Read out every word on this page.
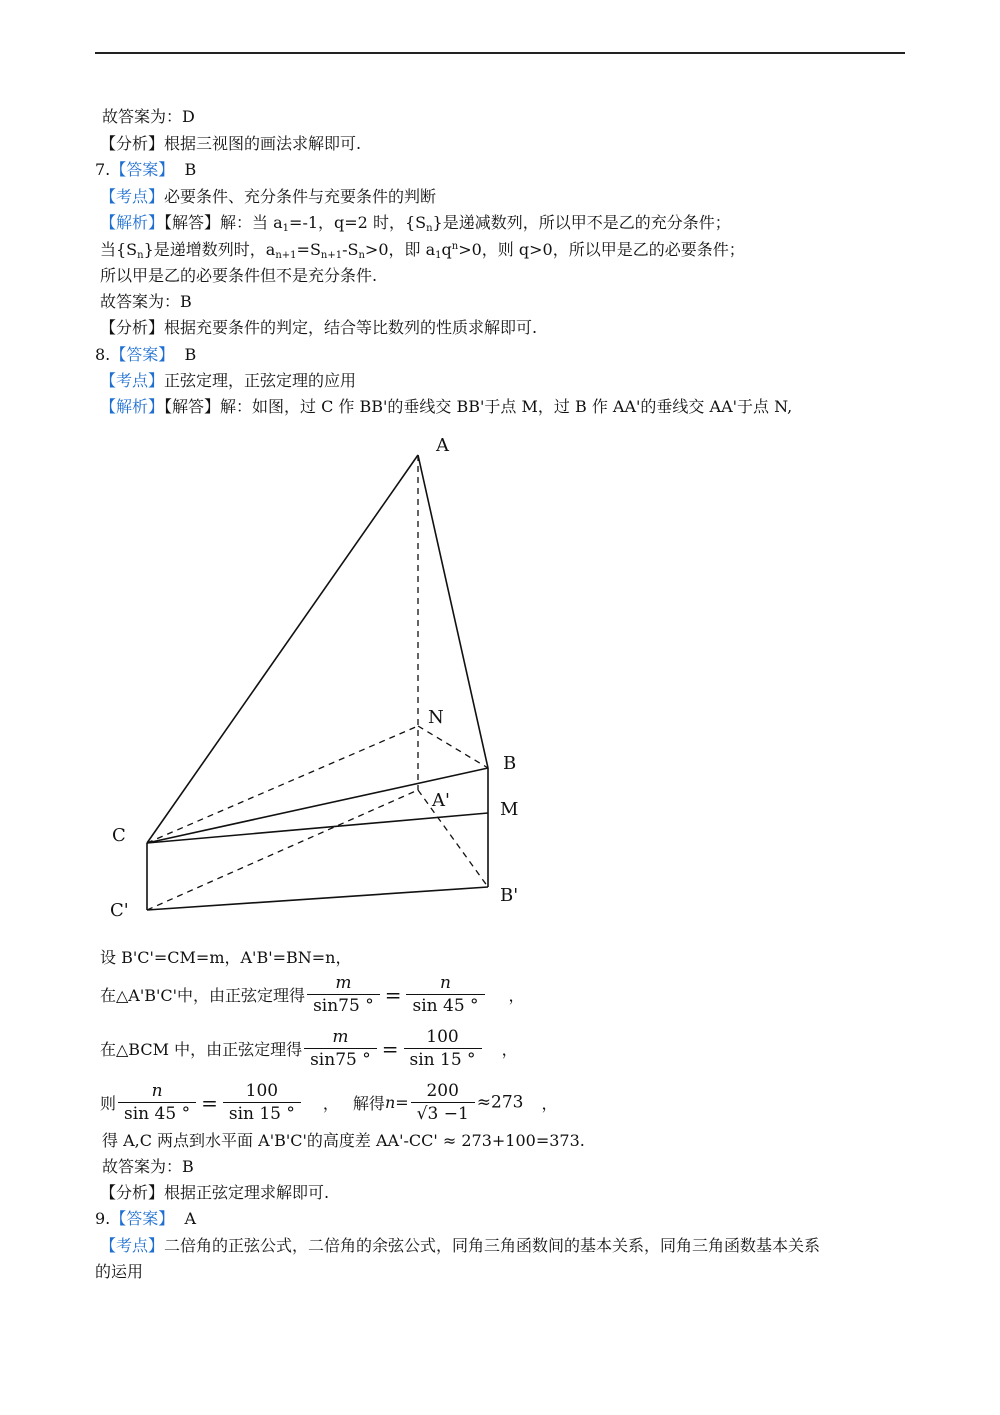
故答案为：D
【分析】根据三视图的画法求解即可.
7.【答案】 B
【考点】必要条件、充分条件与充要条件的判断
【解析】【解答】解：当 $a_1=-1$，q=2 时，$\{S_n\}$是递减数列，所以甲不是乙的充分条件；
当$\{S_n\}$是递增数列时，$a_{n+1}=S_{n+1}-S_n>0$，即 $a_1q^n>0$，则 q>0，所以甲是乙的必要条件；
所以甲是乙的必要条件但不是充分条件.
故答案为：B
【分析】根据充要条件的判定，结合等比数列的性质求解即可.
8.【答案】 B
【考点】正弦定理，正弦定理的应用
【解析】【解答】解：如图，过 C 作 BB'的垂线交 BB'于点 M，过 B 作 AA'的垂线交 AA'于点 N,
A
N
B
A'	M
C
C'
B'
设 B'C'=CM=m，A'B'=BN=n，
在△A'B'C'中，由正弦定理得 $\frac{m}{\sin 75 ^\circ} = \frac{n}{\sin 45 ^\circ}$ ，
在△BCM 中，由正弦定理得 $\frac{m}{\sin 75 ^\circ} = \frac{100}{\sin 15 ^\circ}$ ，
则 $\frac{n}{\sin 45 ^\circ} = \frac{100}{\sin 15 ^\circ}$ ， 解得$n= \frac{200}{√3 -1} \approx 273$ ，
得 A,C 两点到水平面 A'B'C'的高度差 AA'-CC' ≈ 273+100=373.
故答案为：B
【分析】根据正弦定理求解即可.
9.【答案】 A
【考点】二倍角的正弦公式，二倍角的余弦公式，同角三角函数间的基本关系，同角三角函数基本关系
的运用
